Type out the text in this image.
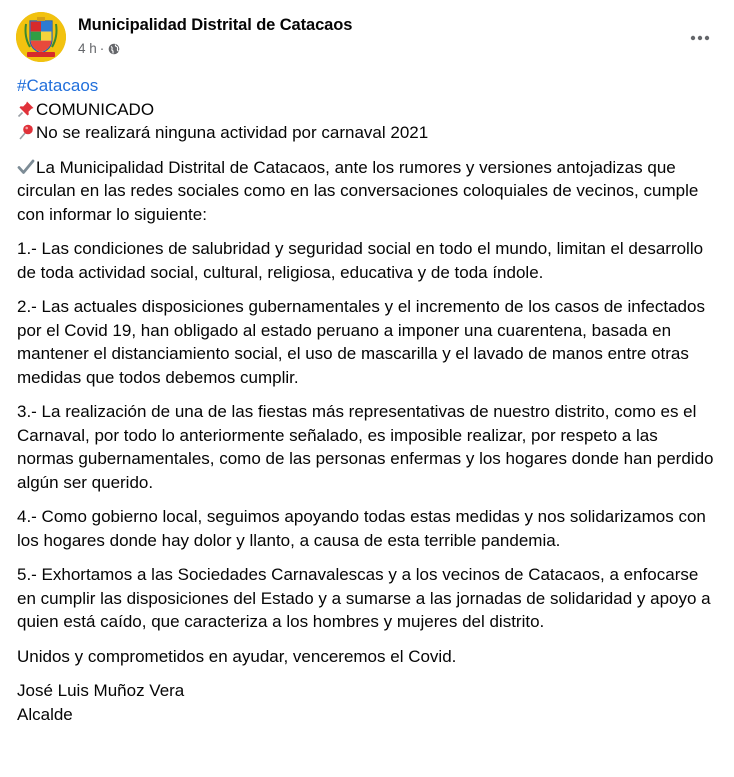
Municipalidad Distrital de Catacaos
4 h ·

#Catacaos
COMUNICADO
No se realizará ninguna actividad por carnaval 2021

La Municipalidad Distrital de Catacaos, ante los rumores y versiones antojadizas que circulan en las redes sociales como en las conversaciones coloquiales de vecinos, cumple con informar lo siguiente:

1.- Las condiciones de salubridad y seguridad social en todo el mundo, limitan el desarrollo de toda actividad social, cultural, religiosa, educativa y de toda índole.

2.- Las actuales disposiciones gubernamentales y el incremento de los casos de infectados por el Covid 19, han obligado al estado peruano a imponer una cuarentena, basada en mantener el distanciamiento social, el uso de mascarilla y el lavado de manos entre otras medidas que todos debemos cumplir.

3.- La realización de una de las fiestas más representativas de nuestro distrito, como es el Carnaval, por todo lo anteriormente señalado, es imposible realizar, por respeto a las normas gubernamentales, como de las personas enfermas y los hogares donde han perdido algún ser querido.

4.- Como gobierno local, seguimos apoyando todas estas medidas y nos solidarizamos con los hogares donde hay dolor y llanto, a causa de esta terrible pandemia.

5.- Exhortamos a las Sociedades Carnavalescas y a los vecinos de Catacaos, a enfocarse en cumplir las disposiciones del Estado y a sumarse a las jornadas de solidaridad y apoyo a quien está caído, que caracteriza a los hombres y mujeres del distrito.

Unidos y comprometidos en ayudar, venceremos el Covid.

José Luis Muñoz Vera
Alcalde
